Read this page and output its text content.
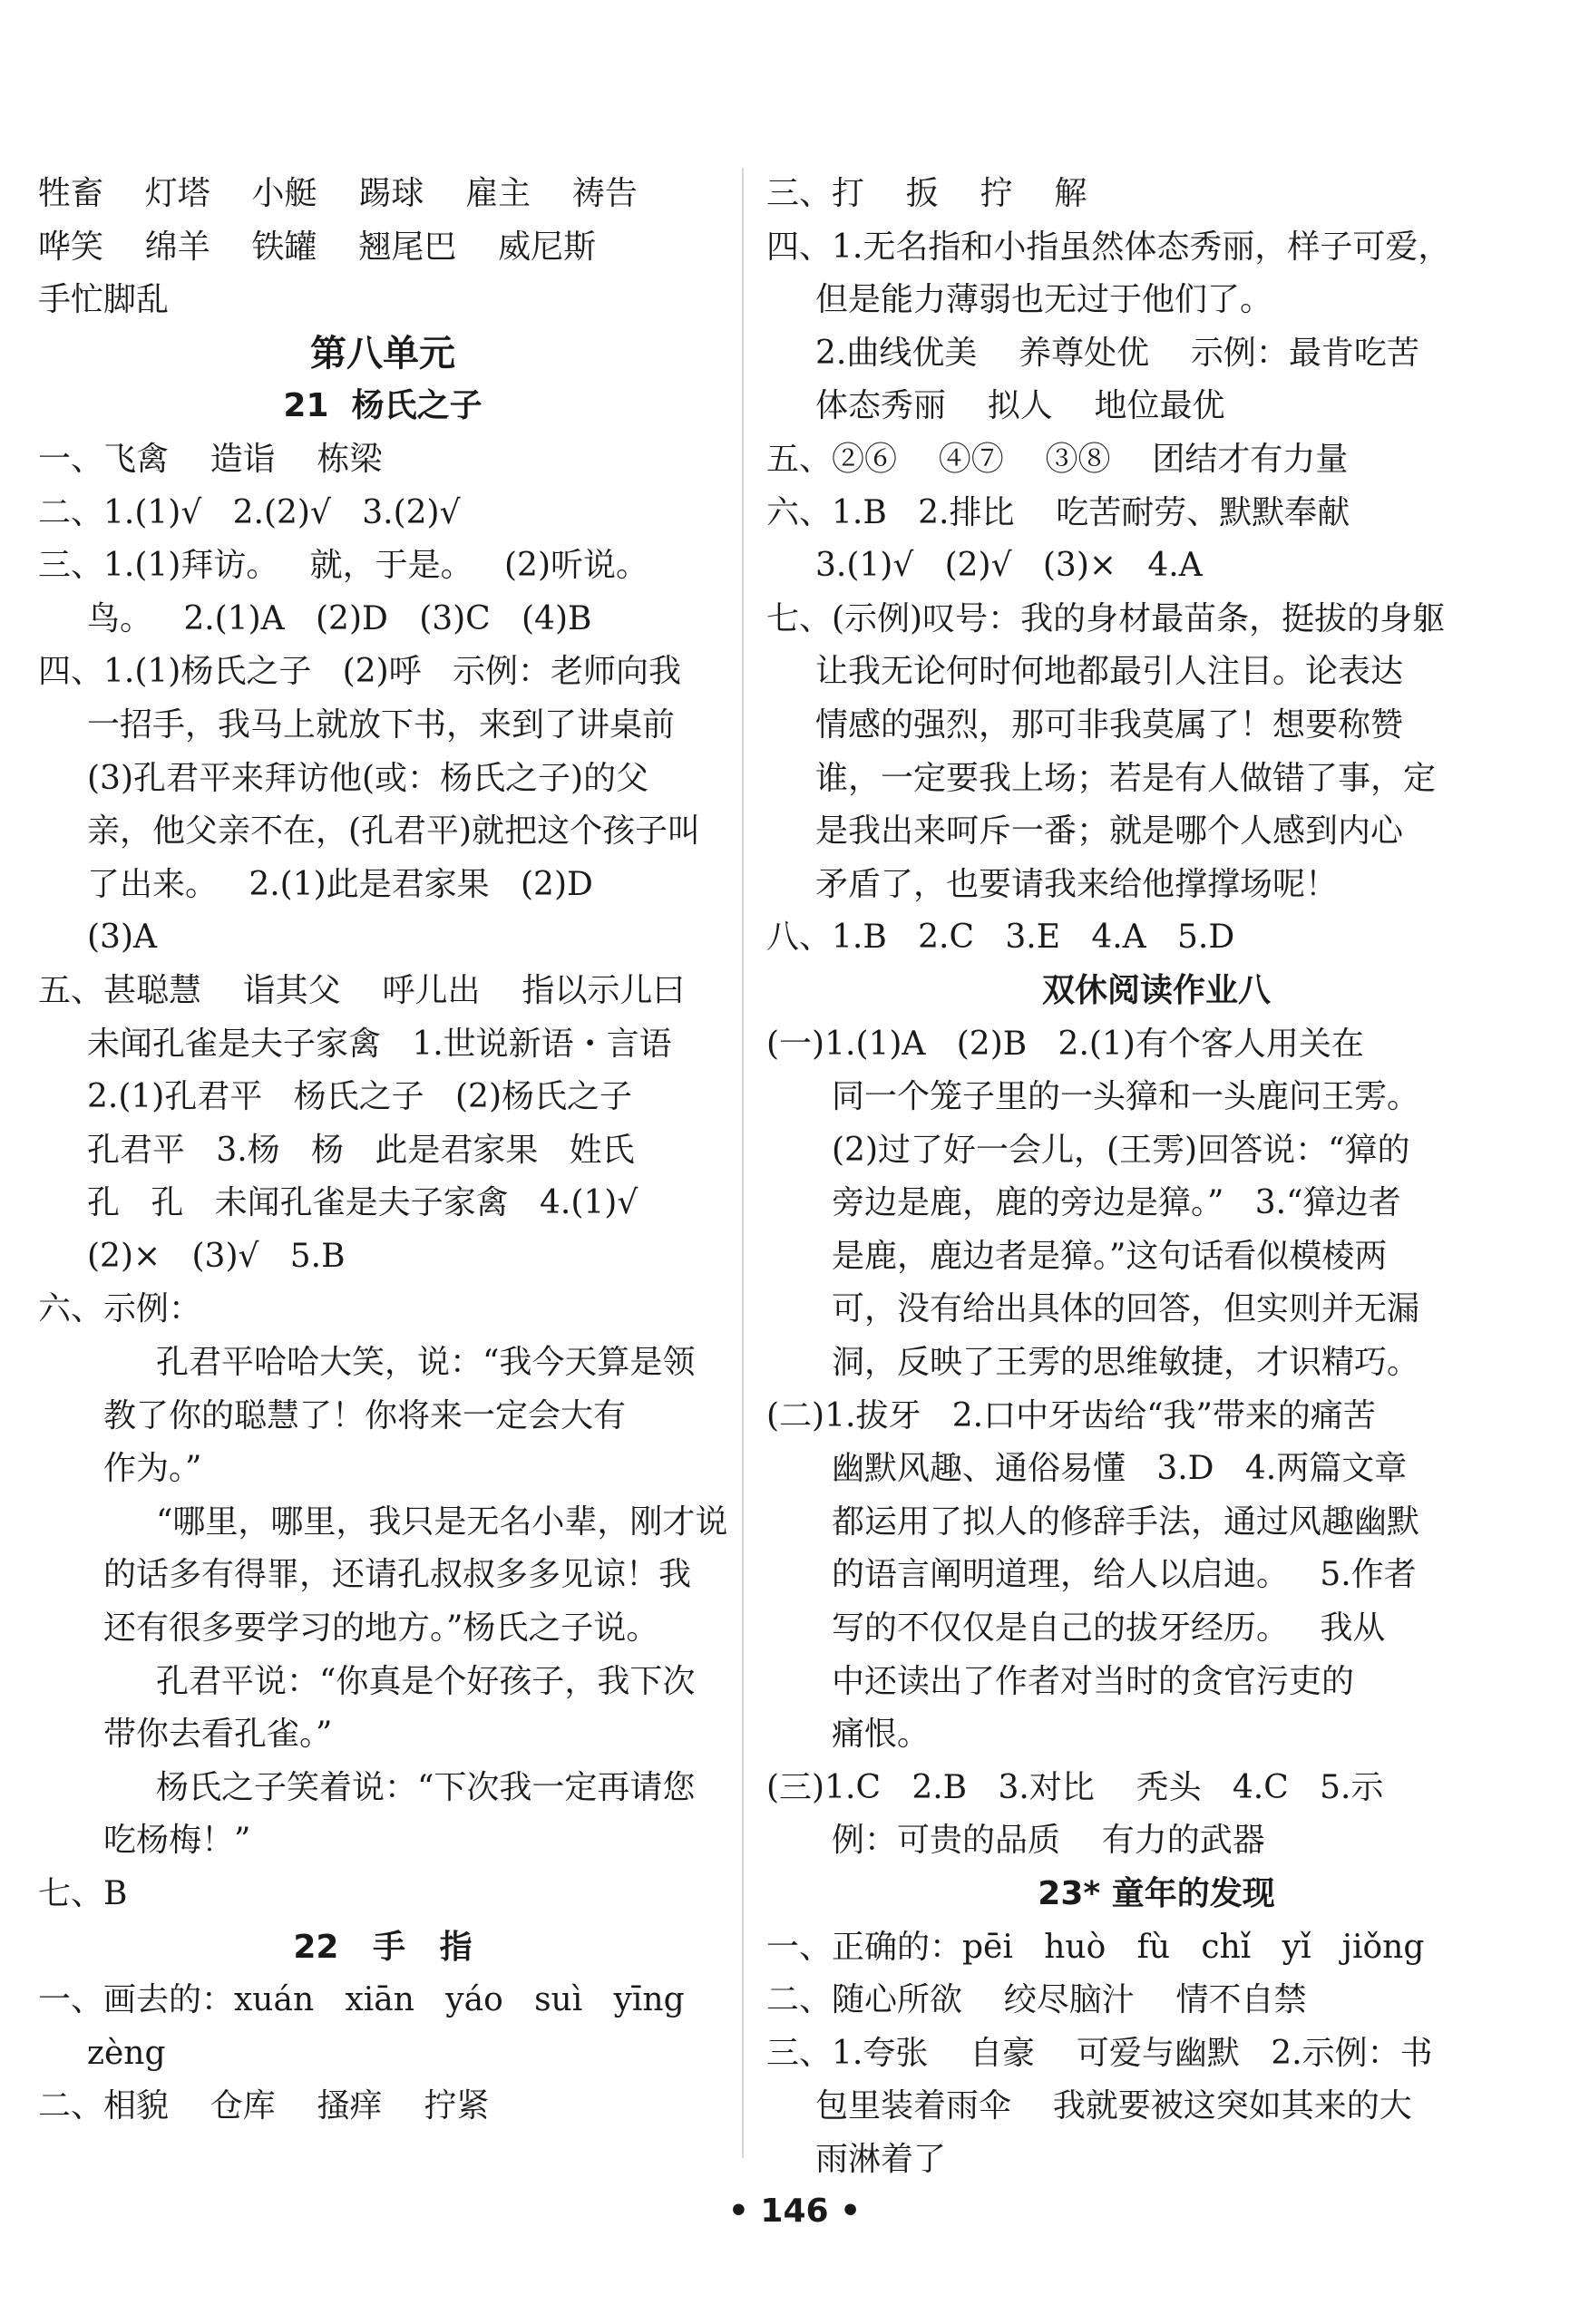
牲畜    灯塔    小艇    踢球    雇主    祷告
哗笑    绵羊    铁罐    翘尾巴    威尼斯
手忙脚乱
第八单元
21  杨氏之子
一、飞禽    造诣    栋梁
二、1.(1)√   2.(2)√   3.(2)√
三、1.(1)拜访。   就，于是。   (2)听说。
鸟。   2.(1)A   (2)D   (3)C   (4)B
四、1.(1)杨氏之子   (2)呼   示例：老师向我
一招手，我马上就放下书，来到了讲桌前
(3)孔君平来拜访他(或：杨氏之子)的父
亲，他父亲不在，(孔君平)就把这个孩子叫
了出来。   2.(1)此是君家果   (2)D
(3)A
五、甚聪慧    诣其父    呼儿出    指以示儿曰
未闻孔雀是夫子家禽   1.世说新语・言语
2.(1)孔君平   杨氏之子   (2)杨氏之子
孔君平   3.杨   杨   此是君家果   姓氏
孔   孔   未闻孔雀是夫子家禽   4.(1)√
(2)×   (3)√   5.B
六、示例：
孔君平哈哈大笑，说：“我今天算是领
教了你的聪慧了！你将来一定会大有
作为。”
“哪里，哪里，我只是无名小辈，刚才说
的话多有得罪，还请孔叔叔多多见谅！我
还有很多要学习的地方。”杨氏之子说。
孔君平说：“你真是个好孩子，我下次
带你去看孔雀。”
杨氏之子笑着说：“下次我一定再请您
吃杨梅！”
七、B
22   手   指
一、画去的：xuán   xiān   yáo   suì   yīng
zèng
二、相貌    仓库    搔痒    拧紧
三、打    扳    拧    解
四、1.无名指和小指虽然体态秀丽，样子可爱，
但是能力薄弱也无过于他们了。
2.曲线优美    养尊处优    示例：最肯吃苦
体态秀丽    拟人    地位最优
五、②⑥    ④⑦    ③⑧    团结才有力量
六、1.B   2.排比    吃苦耐劳、默默奉献
3.(1)√   (2)√   (3)×   4.A
七、(示例)叹号：我的身材最苗条，挺拔的身躯
让我无论何时何地都最引人注目。论表达
情感的强烈，那可非我莫属了！想要称赞
谁，一定要我上场；若是有人做错了事，定
是我出来呵斥一番；就是哪个人感到内心
矛盾了，也要请我来给他撑撑场呢！
八、1.B   2.C   3.E   4.A   5.D
双休阅读作业八
(一)1.(1)A   (2)B   2.(1)有个客人用关在
同一个笼子里的一头獐和一头鹿问王雱。
(2)过了好一会儿，(王雱)回答说：“獐的
旁边是鹿，鹿的旁边是獐。”   3.“獐边者
是鹿，鹿边者是獐。”这句话看似模棱两
可，没有给出具体的回答，但实则并无漏
洞，反映了王雱的思维敏捷，才识精巧。
(二)1.拔牙   2.口中牙齿给“我”带来的痛苦
幽默风趣、通俗易懂   3.D   4.两篇文章
都运用了拟人的修辞手法，通过风趣幽默
的语言阐明道理，给人以启迪。   5.作者
写的不仅仅是自己的拔牙经历。   我从
中还读出了作者对当时的贪官污吏的
痛恨。
(三)1.C   2.B   3.对比    秃头   4.C   5.示
例：可贵的品质    有力的武器
23* 童年的发现
一、正确的：pēi   huò   fù   chǐ   yǐ   jiǒng
二、随心所欲    绞尽脑汁    情不自禁
三、1.夸张    自豪    可爱与幽默   2.示例：书
包里装着雨伞    我就要被这突如其来的大
雨淋着了
• 146 •
